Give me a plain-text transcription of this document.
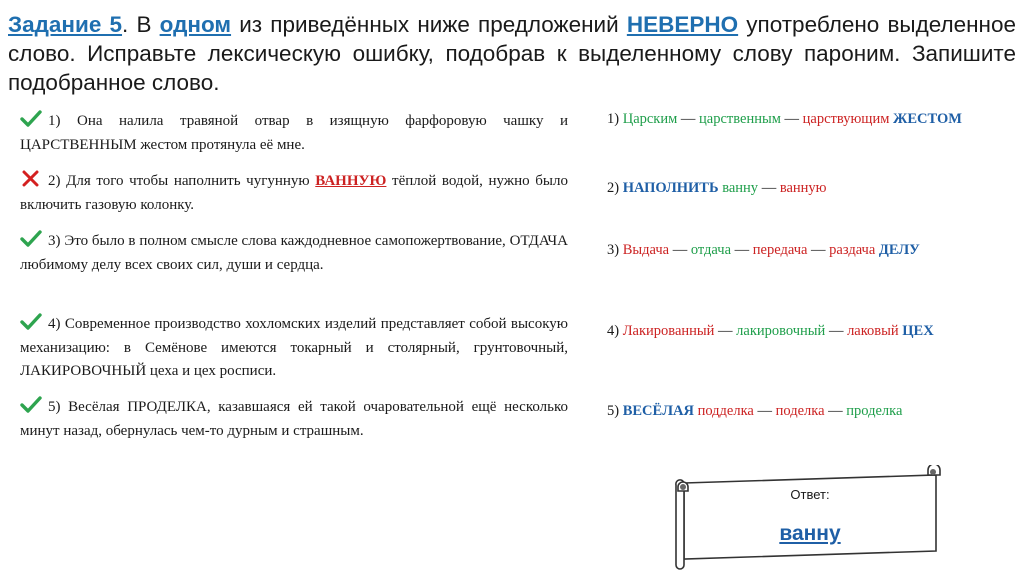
Задание 5. В одном из приведённых ниже предложений НЕВЕРНО употреблено выделенное слово. Исправьте лексическую ошибку, подобрав к выделенному слову пароним. Запишите подобранное слово.

1) Она налила травяной отвар в изящную фарфоровую чашку и ЦАРСТВЕННЫМ жестом протянула её мне.

2) Для того чтобы наполнить чугунную ВАННУЮ тёплой водой, нужно было включить газовую колонку.

3) Это было в полном смысле слова каждодневное самопожертвование, ОТДАЧА любимому делу всех своих сил, души и сердца.

4) Современное производство хохломских изделий представляет собой высокую механизацию: в Семёнове имеются токарный и столярный, грунтовочный, ЛАКИРОВОЧНЫЙ цеха и цех росписи.

5) Весёлая ПРОДЕЛКА, казавшаяся ей такой очаровательной ещё несколько минут назад, обернулась чем-то дурным и страшным.

1) Царским — царственным — царствующим ЖЕСТОМ

2) НАПОЛНИТЬ ванну — ванную

3) Выдача — отдача — передача — раздача ДЕЛУ

4) Лакированный — лакировочный — лаковый ЦЕХ

5) ВЕСЁЛАЯ подделка — поделка — проделка

Ответ:
ванну
